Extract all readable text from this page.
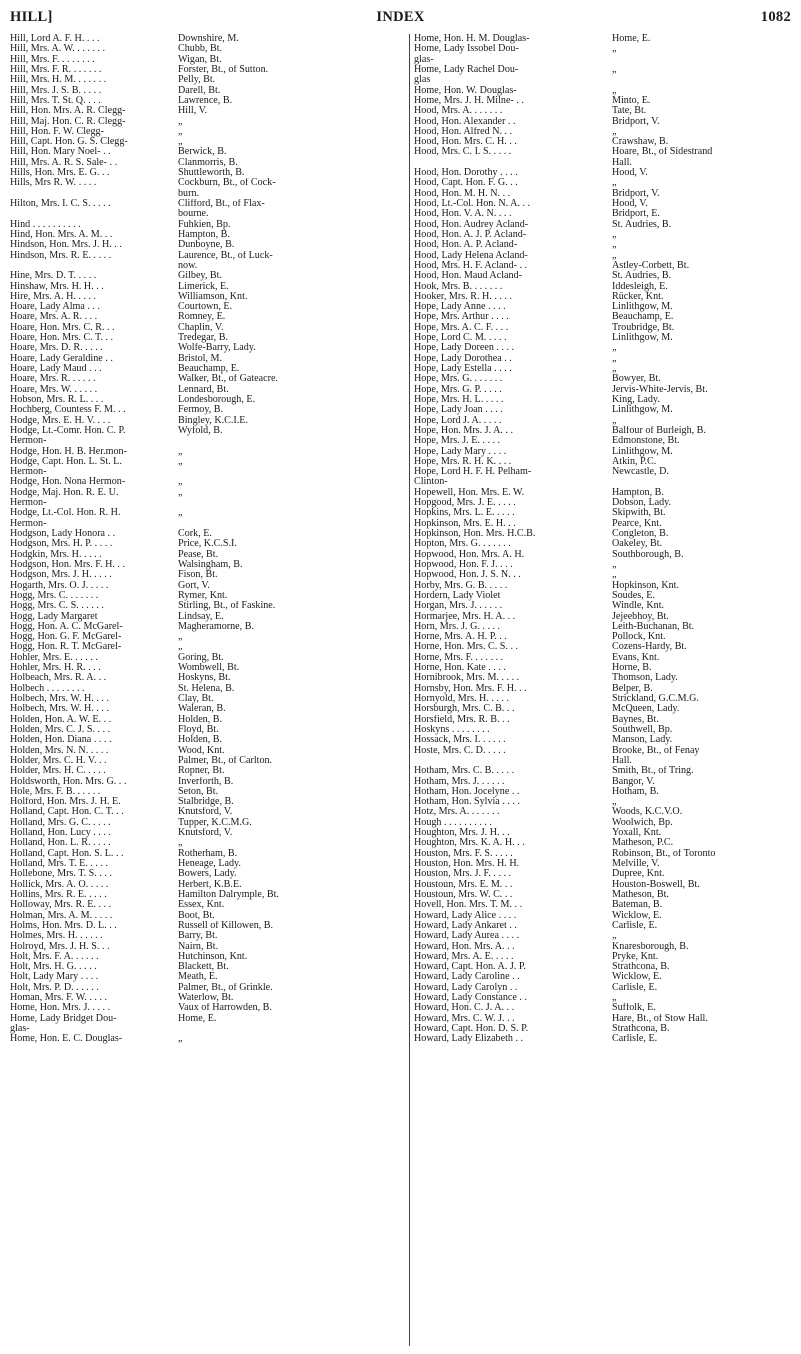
HILL]	INDEX	1082
Hill, Lord A. F. H. . . .
Hill, Mrs. A. W. . . . . . .
Hill, Mrs. F. . . . . . . .
Hill, Mrs. F. R. . . . . . .
Hill, Mrs. H. M. . . . . . .
Hill, Mrs. J. S. B. . . . .
Hill, Mrs. T. St. Q. . . .
Hill, Hon. Mrs. A. R. Clegg-
Hill, Maj. Hon. C. R. Clegg-
Hill, Hon. F. W. Clegg-
Hill, Capt. Hon. G. S. Clegg-
Hill, Hon. Mary Noel- . .
Hill, Mrs. A. R. S. Sale- . .
Hills, Hon. Mrs. E. G. . .
Hills, Mrs R. W. . . . .
Hilton, Mrs. I. C. S. . . . .
Hind . . . . . . . . . .
Hind, Hon. Mrs. A. M. . .
Hindson, Hon. Mrs. J. H. . .
Hindson, Mrs. R. E. . . . .
Hine, Mrs. D. T. . . . .
Hinshaw, Mrs. H. H. . .
Hire, Mrs. A. H. . . . .
Hoare, Lady Alma . . .
Hoare, Mrs. A. R. . . .
Hoare, Hon. Mrs. C. R. . .
Hoare, Hon. Mrs. C. T. . .
Hoare, Mrs. D. R. . . . .
Hoare, Lady Geraldine . .
Hoare, Lady Maud . . .
Hoare, Mrs. R. . . . . .
Hoare, Mrs. W. . . . . .
Hobson, Mrs. R. L. . . .
Hochberg, Countess F. M. . .
Hodge, Mrs. E. H. V. . . .
Hodge, Lt.-Comr. Hon. C. P.
Hermon-
Hodge, Hon. H. B. Her.mon-
Hodge, Capt. Hon. L. St. L.
Hermon-
Hodge, Hon. Nona Hermon-
Hodge, Maj. Hon. R. E. U.
Hermon-
Hodge, Lt.-Col. Hon. R. H.
Hermon-
Hodgson, Lady Honora . .
Hodgson, Mrs. H. P. . . . .
Hodgkin, Mrs. H. . . . .
Hodgson, Hon. Mrs. F. H. . .
Hodgson, Mrs. J. H. . . . .
Hogarth, Mrs. O. J. . . . .
Hogg, Mrs. C. . . . . . .
Hogg, Mrs. C. S. . . . . .
Hogg, Lady Margaret
Hogg, Hon. A. C. McGarel-
Hogg, Hon. G. F. McGarel-
Hogg, Hon. R. T. McGarel-
Hohler, Mrs. E. . . . . .
Hohler, Mrs. H. R. . . .
Holbeach, Mrs. R. A. . .
Holbech . . . . . . . .
Holbech, Mrs. W. H. . . .
Holbech, Mrs. W. H. . . .
Holden, Hon. A. W. E. . .
Holden, Mrs. C. J. S. . . .
Holden, Hon. Diana . . . .
Holden, Mrs. N. N. . . . .
Holder, Mrs. C. H. V. . .
Holder, Mrs. H. C. . . . .
Holdsworth, Hon. Mrs. G. . .
Hole, Mrs. F. B. . . . . .
Holford, Hon. Mrs. J. H. E.
Holland, Capt. Hon. C. T. . .
Holland, Mrs. G. C. . . . .
Holland, Hon. Lucy . . . .
Holland, Hon. L. R. . . . .
Holland, Capt. Hon. S. L. . .
Holland, Mrs. T. E. . . . .
Hollebone, Mrs. T. S. . . .
Hollick, Mrs. A. O. . . . .
Hollins, Mrs. R. E. . . . .
Holloway, Mrs. R. E. . . .
Holman, Mrs. A. M. . . . .
Holms, Hon. Mrs. D. L. . .
Holmes, Mrs. H. . . . . .
Holroyd, Mrs. J. H. S. . .
Holt, Mrs. F. A. . . . . .
Holt, Mrs. H. G. . . . .
Holt, Lady Mary . . . .
Holt, Mrs. P. D. . . . . .
Homan, Mrs. F. W. . . . .
Home, Hon. Mrs. J. . . . .
Home, Lady Bridget Dou-
glas-
Home, Hon. E. C. Douglas-
Downshire, M.
Chubb, Bt.
Wigan, Bt.
Forster, Bt., of Sutton.
Pelly, Bt.
Darell, Bt.
Lawrence, B.
Hill, V.
„
„
„
Berwick, B.
Clanmorris, B.
Shuttleworth, B.
Cockburn, Bt., of Cock-
burn.
Clifford, Bt., of Flax-
bourne.
Fuhkien, Bp.
Hampton, B.
Dunboyne, B.
Laurence, Bt., of Luck-
now.
Gilbey, Bt.
Limerick, E.
Williamson, Knt.
Courtown, E.
Romney, E.
Chaplin, V.
Tredegar, B.
Wolfe-Barry, Lady.
Bristol, M.
Beauchamp, E.
Walker, Bt., of Gateacre.
Lennard, Bt.
Londesborough, E.
Fermoy, B.
Bingley, K.C.I.E.
Wyfold, B.
„
„
„
„
„
Cork, E.
Price, K.C.S.I.
Pease, Bt.
Walsingham, B.
Fison, Bt.
Gort, V.
Rymer, Knt.
Stirling, Bt., of Faskine.
Lindsay, E.
Magheramorne, B.
„
„
Goring, Bt.
Wombwell, Bt.
Hoskyns, Bt.
St. Helena, B.
Clay, Bt.
Waleran, B.
Holden, B.
Floyd, Bt.
Holden, B.
Wood, Knt.
Palmer, Bt., of Carlton.
Ropner, Bt.
Inverforth, B.
Seton, Bt.
Stalbridge, B.
Knutsford, V.
Tupper, K.C.M.G.
Knutsford, V.
„
Rotherham, B.
Heneage, Lady.
Bowers, Lady.
Herbert, K.B.E.
Hamilton Dalrymple, Bt.
Essex, Knt.
Boot, Bt.
Russell of Killowen, B.
Barry, Bt.
Nairn, Bt.
Hutchinson, Knt.
Blackett, Bt.
Meath, E.
Palmer, Bt., of Grinkle.
Waterlow, Bt.
Vaux of Harrowden, B.
Home, E.
„
Home, Hon. H. M. Douglas-
Home, Lady Issobel Dou-
glas-
Home, Lady Rachel Dou-
glas
Home, Hon. W. Douglas-
Home, Mrs. J. H. Milne- . .
Hood, Mrs. A. . . . . . .
Hood, Hon. Alexander . .
Hood, Hon. Alfred N. . .
Hood, Hon. Mrs. C. H. . .
Hood, Mrs. C. I. S. . . . .
Hood, Hon. Dorothy . . . .
Hood, Capt. Hon. F. G. . .
Hood, Hon. M. H. N. . .
Hood, Lt.-Col. Hon. N. A. . .
Hood, Hon. V. A. N. . . .
Hood, Hon. Audrey Acland-
Hood, Hon. A. J. P. Acland-
Hood, Hon. A. P. Acland-
Hood, Lady Helena Acland-
Hood, Mrs. H. F. Acland- . .
Hood, Hon. Maud Acland-
Hook, Mrs. B. . . . . . .
Hooker, Mrs. R. H. . . . .
Hope, Lady Anne . . . .
Hope, Mrs. Arthur . . . .
Hope, Mrs. A. C. F. . . .
Hope, Lord C. M. . . . .
Hope, Lady Doreen . . . .
Hope, Lady Dorothea . .
Hope, Lady Estella . . . .
Hope, Mrs. G. . . . . . .
Hope, Mrs. G. P. . . . .
Hope, Mrs. H. L. . . . .
Hope, Lady Joan . . . .
Hope, Lord J. A. . . . .
Hope, Hon. Mrs. J. A. . .
Hope, Mrs. J. E. . . . .
Hope, Lady Mary . . . .
Hope, Mrs. R. H. K. . . .
Hope, Lord H. F. H. Pelham-
Clinton-
Hopewell, Hon. Mrs. E. W.
Hopgood, Mrs. J. E. . . . .
Hopkins, Mrs. L. E. . . . .
Hopkinson, Mrs. E. H. . .
Hopkinson, Hon. Mrs. H.C.B.
Hopton, Mrs. G. . . . . . .
Hopwood, Hon. Mrs. A. H.
Hopwood, Hon. F. J. . . .
Hopwood, Hon. J. S. N. . .
Horby, Mrs. G. B. . . . .
Hordern, Lady Violet
Horgan, Mrs. J. . . . . .
Hormarjee, Mrs. H. A. . .
Horn, Mrs. J. G. . . . .
Horne, Mrs. A. H. P. . .
Horne, Hon. Mrs. C. S. . .
Horne, Mrs. F. . . . . . .
Horne, Hon. Kate . . . .
Hornibrook, Mrs. M. . . . .
Hornsby, Hon. Mrs. F. H. . .
Hornyold, Mrs. H. . . . .
Horsburgh, Mrs. C. B. . .
Horsfield, Mrs. R. B. . .
Hoskyns . . . . . . . .
Hossack, Mrs. I. . . . . .
Hoste, Mrs. C. D. . . . .
Hotham, Mrs. C. B. . . . .
Hotham, Mrs. J. . . . . .
Hotham, Hon. Jocelyne . .
Hotham, Hon. Sylvia . . . .
Hotz, Mrs. A. . . . . . .
Hough . . . . . . . . . .
Houghton, Mrs. J. H. . .
Houghton, Mrs. K. A. H. . .
Houston, Mrs. F. S. . . . .
Houston, Hon. Mrs. H. H.
Houston, Mrs. J. F. . . . .
Houstoun, Mrs. E. M. . .
Houstoun, Mrs. W. C. . .
Hovell, Hon. Mrs. T. M. . .
Howard, Lady Alice . . . .
Howard, Lady Ankaret . .
Howard, Lady Aurea . . . .
Howard, Hon. Mrs. A. . .
Howard, Mrs. A. E. . . . .
Howard, Capt. Hon. A. J. P.
Howard, Lady Caroline . .
Howard, Lady Carolyn . .
Howard, Lady Constance . .
Howard, Hon. C. J. A. . .
Howard, Mrs. C. W. J. . .
Howard, Capt. Hon. D. S. P.
Howard, Lady Elizabeth . .
Home, E.
„
„
„
Minto, E.
Tate, Bt.
Bridport, V.
„
Crawshaw, B.
Hoare, Bt., of Sidestrand
Hall.
Hood, V.
„
Bridport, V.
Hood, V.
Bridport, E.
St. Audries, B.
„
„
„
Astley-Corbett, Bt.
St. Audries, B.
Iddesleigh, E.
Rücker, Knt.
Linlithgow, M.
Beauchamp, E.
Troubridge, Bt.
Linlithgow, M.
„
„
„
Bowyer, Bt.
Jervis-White-Jervis, Bt.
King, Lady.
Linlithgow, M.
„
Balfour of Burleigh, B.
Edmonstone, Bt.
Linlithgow, M.
Atkin, P.C.
Newcastle, D.
Hampton, B.
Dobson, Lady.
Skipwith, Bt.
Pearce, Knt.
Congleton, B.
Oakeley, Bt.
Southborough, B.
„
„
Hopkinson, Knt.
Soudes, E.
Windle, Knt.
Jejeebhoy, Bt.
Leith-Buchanan, Bt.
Pollock, Knt.
Cozens-Hardy, Bt.
Evans, Knt.
Horne, B.
Thomson, Lady.
Belper, B.
Strickland, G.C.M.G.
McQueen, Lady.
Baynes, Bt.
Southwell, Bp.
Manson, Lady.
Brooke, Bt., of Fenay
Hall.
Smith, Bt., of Tring.
Bangor, V.
Hotham, B.
„
Woods, K.C.V.O.
Woolwich, Bp.
Yoxall, Knt.
Matheson, P.C.
Robinson, Bt., of Toronto
Melville, V.
Dupree, Knt.
Houston-Boswell, Bt.
Matheson, Bt.
Bateman, B.
Wicklow, E.
Carlisle, E.
„
Knaresborough, B.
Pryke, Knt.
Strathcona, B.
Wicklow, E.
Carlisle, E.
„
Suffolk, E.
Hare, Bt., of Stow Hall.
Strathcona, B.
Carlisle, E.
